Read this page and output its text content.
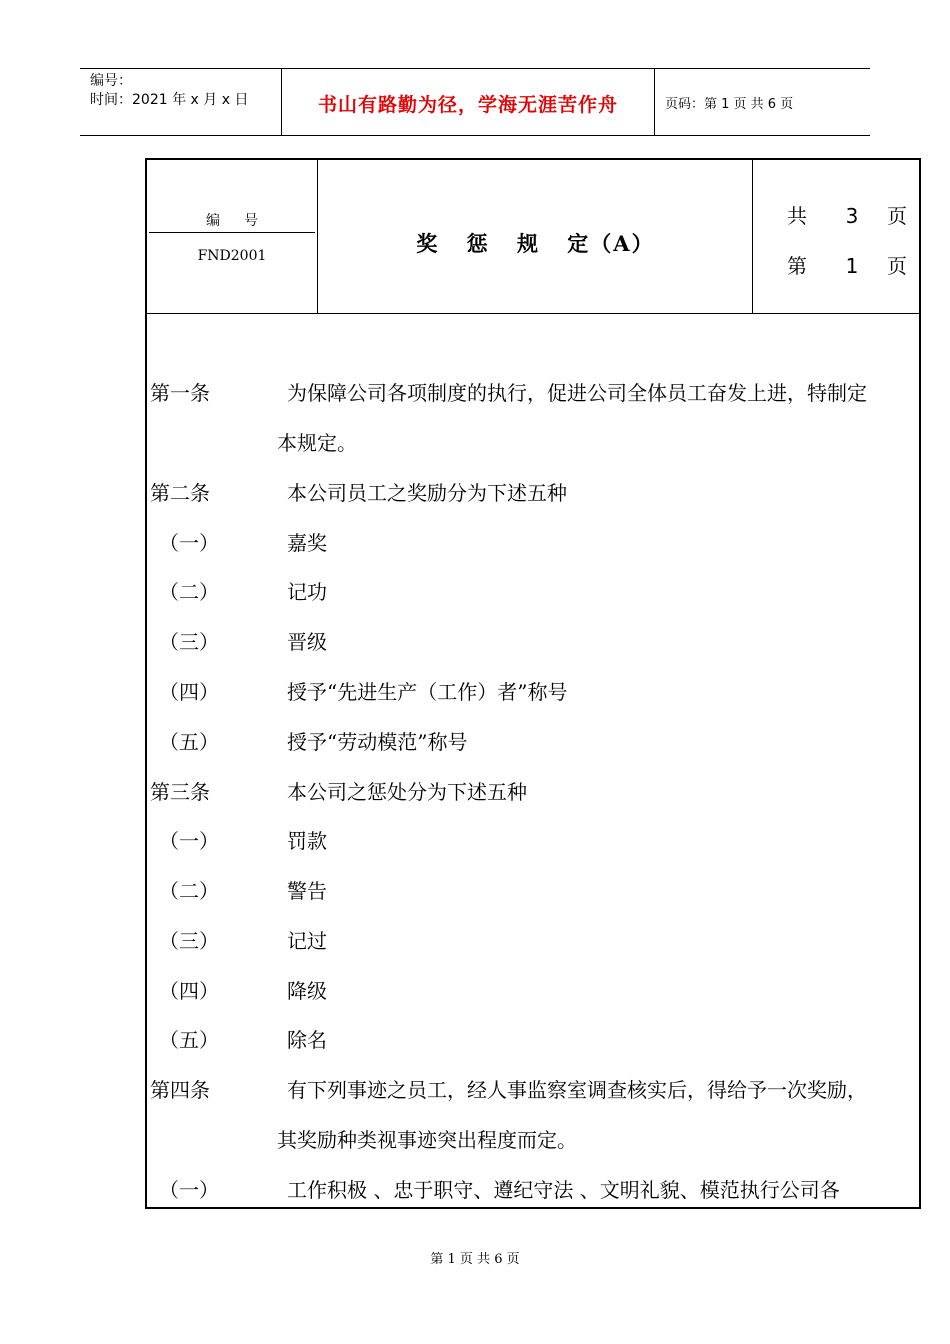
编号：
时间：2021 年 x 月 x 日	书山有路勤为径，学海无涯苦作舟	页码：第 1 页 共 6 页
编号
FND2001	奖 惩 规 定（A）
共 3 页
第 1 页
第一条	为保障公司各项制度的执行，促进公司全体员工奋发上进，特制定
本规定。
第二条	本公司员工之奖励分为下述五种
（一）	嘉奖
（二）	记功
（三）	晋级
（四）	授予“先进生产（工作）者”称号
（五）	授予“劳动模范”称号
第三条	本公司之惩处分为下述五种
（一）	罚款
（二）	警告
（三）	记过
（四）	降级
（五）	除名
第四条	有下列事迹之员工，经人事监察室调查核实后，得给予一次奖励，
其奖励种类视事迹突出程度而定。
（一）	工作积极 、忠于职守、遵纪守法 、文明礼貌、模范执行公司各
第 1 页 共 6 页
